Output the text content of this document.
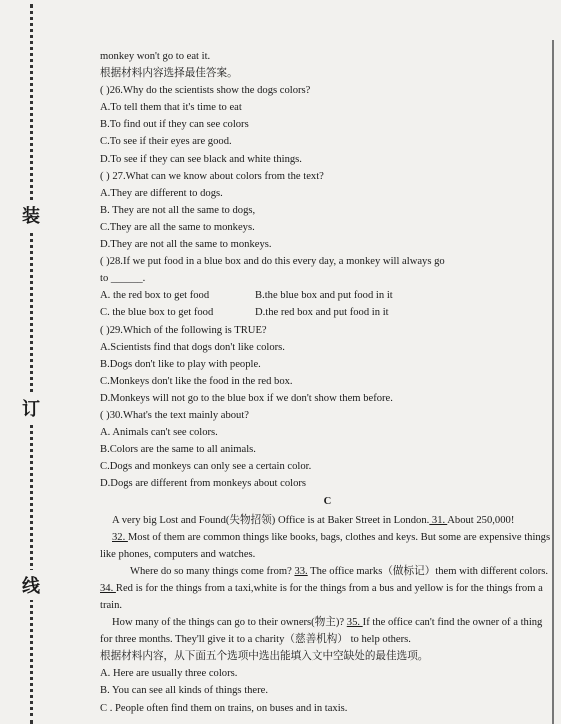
装
订
线
monkey won't go to eat it.
根据材料内容选择最佳答案。
( )26.Why do the scientists show the dogs colors?
A.To tell them that it's time to eat
B.To find out if they can see colors
C.To see if their eyes are good.
D.To see if they can see black and white things.
( ) 27.What can we know about colors from the text?
A.They are different to dogs.
B. They are not all the same to dogs,
C.They are all the same to monkeys.
D.They are not all the same to monkeys.
( )28.If we put food in a blue box and do this every day, a monkey will always go
to ______.
A. the red box to get food	B.the blue box and put food in it
C. the blue box to get food	D.the red box and put food in it
( )29.Which of the following is TRUE?
A.Scientists find that dogs don't like colors.
B.Dogs don't like to play with people.
C.Monkeys don't like the food in the red box.
D.Monkeys will not go to the blue box if we don't show them before.
( )30.What's the text mainly about?
A. Animals can't see colors.
B.Colors are the same to all animals.
C.Dogs and monkeys can only see a certain color.
D.Dogs are different from monkeys about colors
C
A very big Lost and Found(失物招领) Office is at Baker Street in London. 31. About 250,000!
32. Most of them are common things like books, bags, clothes and keys. But some are expensive things like phones, computers and watches.
Where do so many things come from? 33. The office marks（做标记）them with different colors. 34. Red is for the things from a taxi,white is for the things from a bus and yellow is for the things from a train.
How many of the things can go to their owners(物主)? 35. If the office can't find the owner of a thing for three months. They'll give it to a charity（慈善机构） to help others.
根据材料内容，从下面五个选项中选出能填入文中空缺处的最佳选项。
A. Here are usually three colors.
B. You can see all kinds of things there.
C . People often find them on trains, on buses and in taxis.
